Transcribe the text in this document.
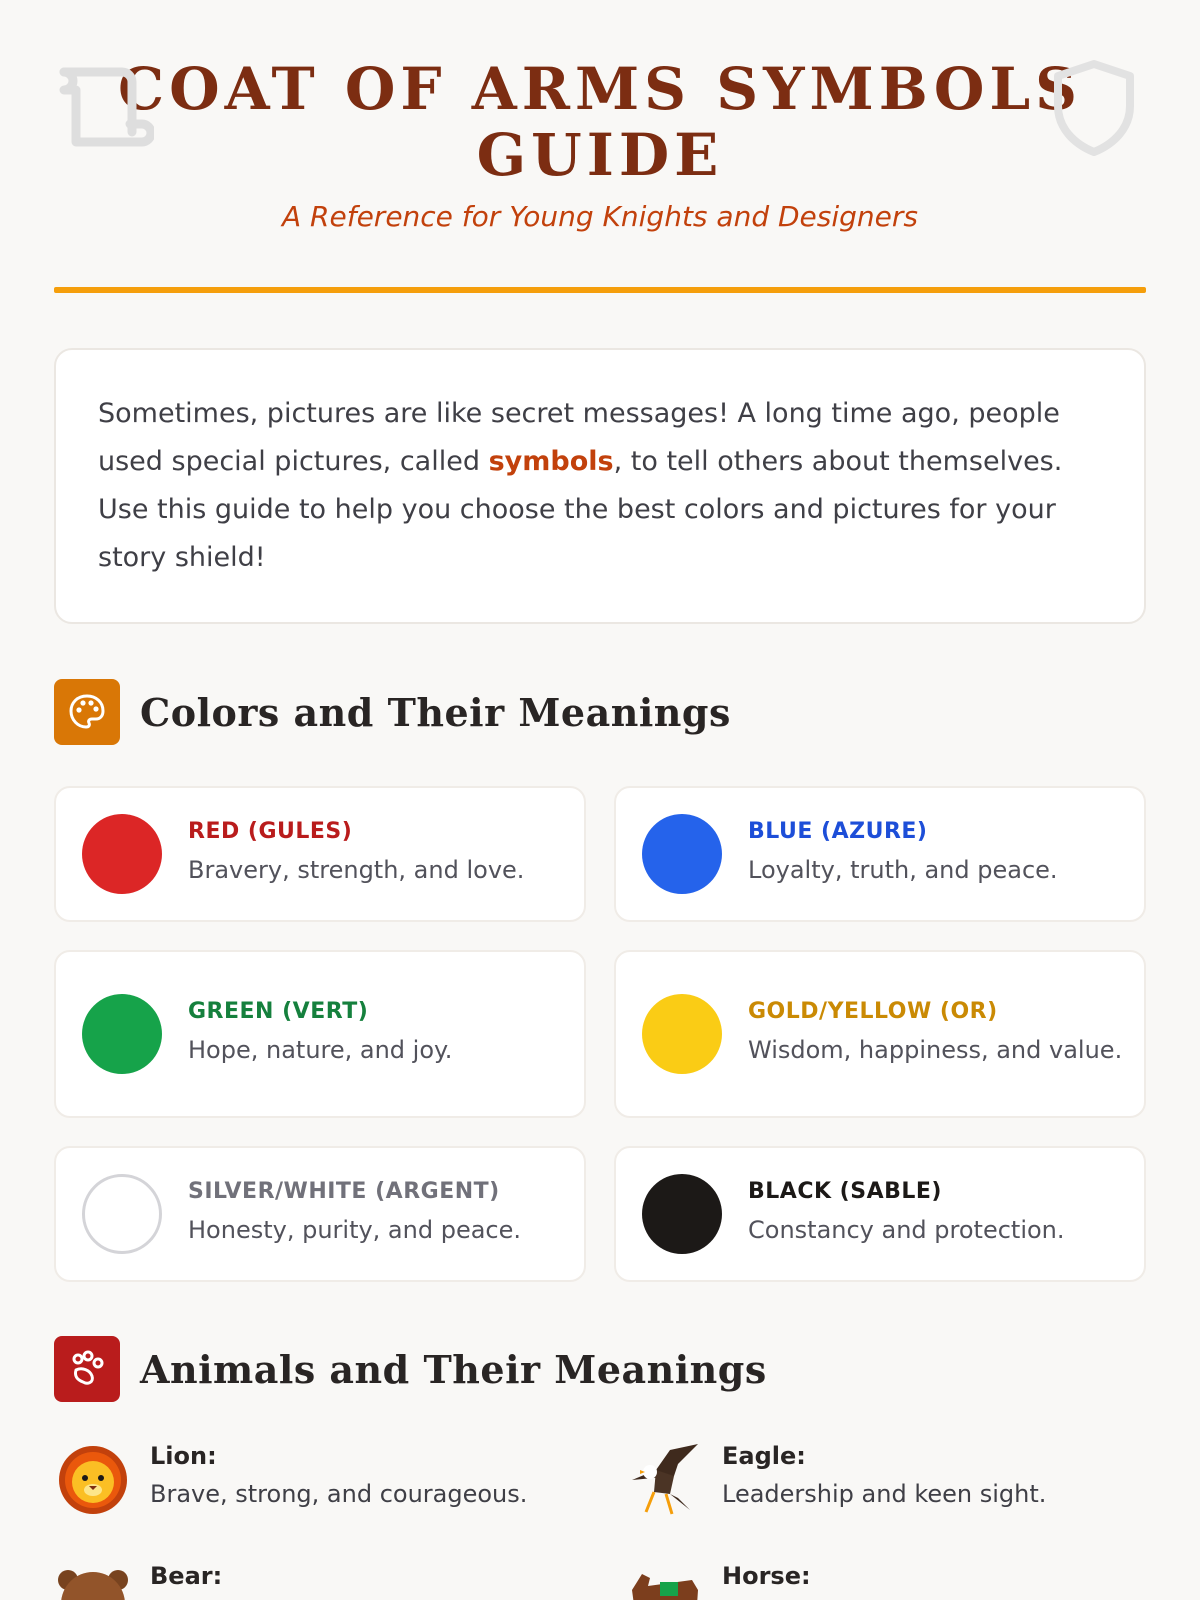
COAT OF ARMS SYMBOLS GUIDE
A Reference for Young Knights and Designers
Sometimes, pictures are like secret messages! A long time ago, people used special pictures, called symbols, to tell others about themselves. Use this guide to help you choose the best colors and pictures for your story shield!
Colors and Their Meanings
RED (GULES)
Bravery, strength, and love.
BLUE (AZURE)
Loyalty, truth, and peace.
GREEN (VERT)
Hope, nature, and joy.
GOLD/YELLOW (OR)
Wisdom, happiness, and value.
SILVER/WHITE (ARGENT)
Honesty, purity, and peace.
BLACK (SABLE)
Constancy and protection.
Animals and Their Meanings
Lion:
Brave, strong, and courageous.
Eagle:
Leadership and keen sight.
Bear:	Horse:
